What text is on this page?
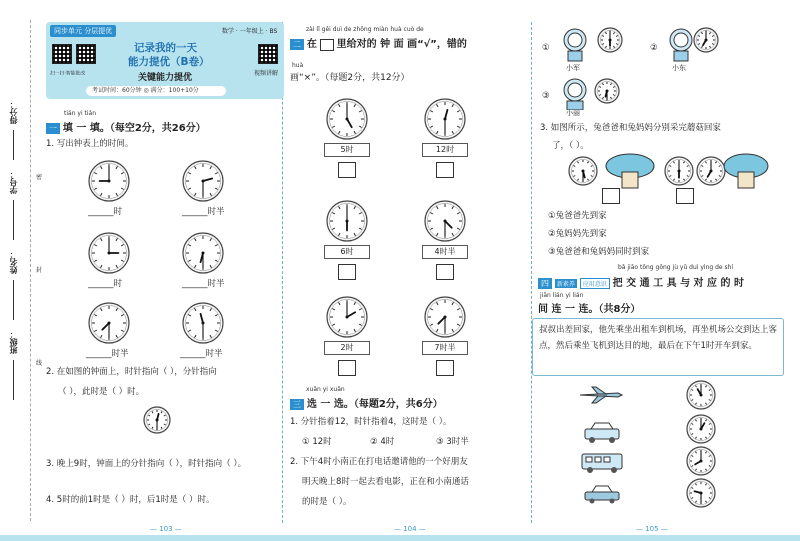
得分：
学号：
姓名：
班级：
密
封
线
同步单元 分层提优
扫一扫·智能批改
记录我的一天
能力提优（B卷）
关键能力提优	视频讲解
数学 · 一年级上 · BS
考试时间：60分钟 ◎ 满分：100+10分
tián yi tián
一 填 一 填。（每空2分，共26分）
1. 写出钟表上的时间。
______时	______时半
______时	______时半
______时半	______时半
2. 在如图的钟面上，时针指向（ ），分针指向
（ ），此时是（ ）时。
3. 晚上9时，钟面上的分针指向（ ），时针指向（ ）。
4. 5时的前1时是（ ）时，后1时是（ ）时。
— 103 —
zài lǐ gěi duì de zhōng miàn huà cuò de
二 在 里给对的 钟 面 画“√”，错的
huà
画“×”。（每题2分，共12分）
5时	12时
6时	4时半
2时	7时半
xuǎn yi xuǎn
三 选 一 选。（每题2分，共6分）
1. 分针指着12，时针指着4，这时是（ ）。
① 12时	② 4时	③ 3时半
2. 下午4时小南正在打电话邀请他的一个好朋友
明天晚上8时一起去看电影，正在和小南通话
的时是（ ）。
— 104 —
①
小军
②
小东
③
小丽
3. 如图所示，兔爸爸和兔妈妈分别采完蘑菇回家
了，（ ）。
①兔爸爸先到家
②兔妈妈先到家
③兔爸爸和兔妈妈同时到家
bǎ jiāo tōng gōng jù yǔ duì yìng de shí
四 新素养 应用意识 把 交 通 工 具 与 对 应 的 时
jiān lián yi lián
间 连 一 连。（共8分）
叔叔出差回家，他先乘坐出租车到机场，再坐机场公交到达上客点，然后乘坐飞机到达目的地，最后在下午1时开车到家。
— 105 —
